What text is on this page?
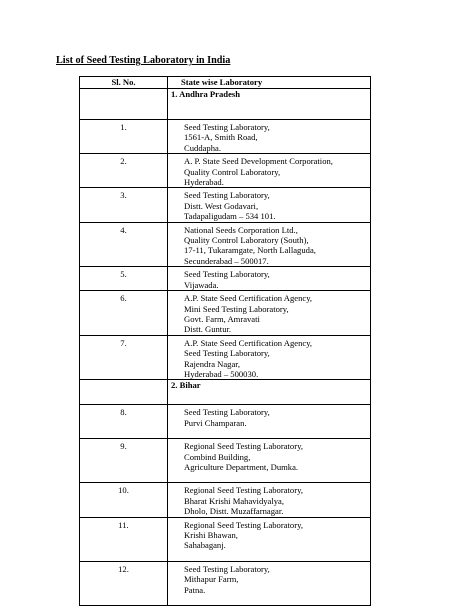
List of Seed Testing Laboratory in India
Sl. No.	State wise Laboratory
	1. Andhra Pradesh
1.	Seed Testing Laboratory,
1561-A, Smith Road,
Cuddapha.

2.	A. P. State Seed Development Corporation,
Quality Control Laboratory,
Hyderabad.

3.	Seed Testing Laboratory,
Distt. West Godavari,
Tadapaligudam – 534 101.

4.	National Seeds Corporation Ltd.,
Quality Control Laboratory (South),
17-11, Tukaramgate, North Lallaguda,
Secunderabad – 500017.

5.	Seed Testing Laboratory,
Vijawada.

6.	A.P. State Seed Certification Agency,
Mini Seed Testing Laboratory,
Govt. Farm, Amravati
Distt. Guntur.

7.	A.P. State Seed Certification Agency,
Seed Testing Laboratory,
Rajendra Nagar,
Hyderabad – 500030.

	2. Bihar
8.	Seed Testing Laboratory,
Purvi Champaran.

9.	Regional Seed Testing Laboratory,
Combind Building,
Agriculture Department, Dumka.

10.	Regional Seed Testing Laboratory,
Bharat Krishi Mahavidyalya,
Dholo, Distt. Muzaffarnagar.

11.	Regional Seed Testing Laboratory,
Krishi Bhawan,
Sahabaganj.

12.	Seed Testing Laboratory,
Mithapur Farm,
Patna.
